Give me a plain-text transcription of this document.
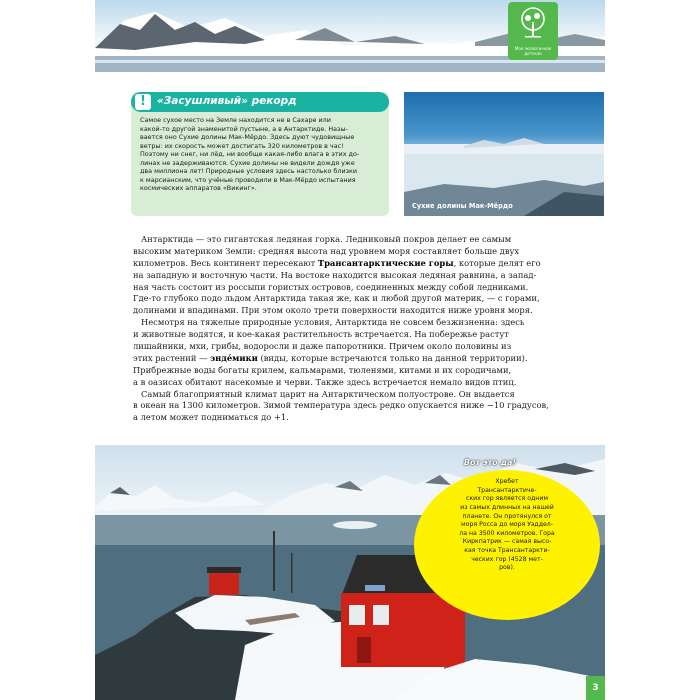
Моя экологичная детская
!	«Засушливый» рекорд
Самое сухое место на Земле находится не в Сахаре или
какой-то другой знаменитой пустыне, а в Антарктиде. Назы-
вается оно Сухие долины Мак-Мёрдо. Здесь дуют чудовищные
ветры: их скорость может достигать 320 километров в час!
Поэтому ни снег, ни лёд, ни вообще какая-либо влага в этих до-
линах не задерживаются. Сухие долины не видели дождя уже
два миллиона лет! Природные условия здесь настолько близки
к марсианским, что учёные проводили в Мак-Мёрдо испытания
космических аппаратов «Викинг».
Сухие долины Мак-Мёрдо
Антарктида — это гигантская ледяная горка. Ледниковый покров делает ее самым
высоким материком Земли: средняя высота над уровнем моря составляет больше двух
километров. Весь континент пересекают Трансантарктические горы, которые делят его
на западную и восточную части. На востоке находится высокая ледяная равнина, а запад-
ная часть состоит из россыпи гористых островов, соединенных между собой ледниками.
Где-то глубоко подо льдом Антарктида такая же, как и любой другой материк, — с горами,
долинами и впадинами. При этом около трети поверхности находится ниже уровня моря.
Несмотря на тяжелые природные условия, Антарктида не совсем безжизненна: здесь
и животные водятся, и кое-какая растительность встречается. На побережье растут
лишайники, мхи, грибы, водоросли и даже папоротники. Причем около половины из
этих растений — эндéмики (виды, которые встречаются только на данной территории).
Прибрежные воды богаты крилем, кальмарами, тюленями, китами и их сородичами,
а в оазисах обитают насекомые и черви. Также здесь встречается немало видов птиц.
Самый благоприятный климат царит на Антарктическом полуострове. Он выдается
в океан на 1300 километров. Зимой температура здесь редко опускается ниже −10 градусов,
а летом может подниматься до +1.
Вот это да!
Хребет
Трансантарктиче-
ских гор является одним
из самых длинных на нашей
планете. Он протянулся от
моря Росса до моря Уэддел-
ла на 3500 километров. Гора
Киркпатрик — самая высо-
кая точка Трансантаркти-
ческих гор (4528 мет-
ров).
3
